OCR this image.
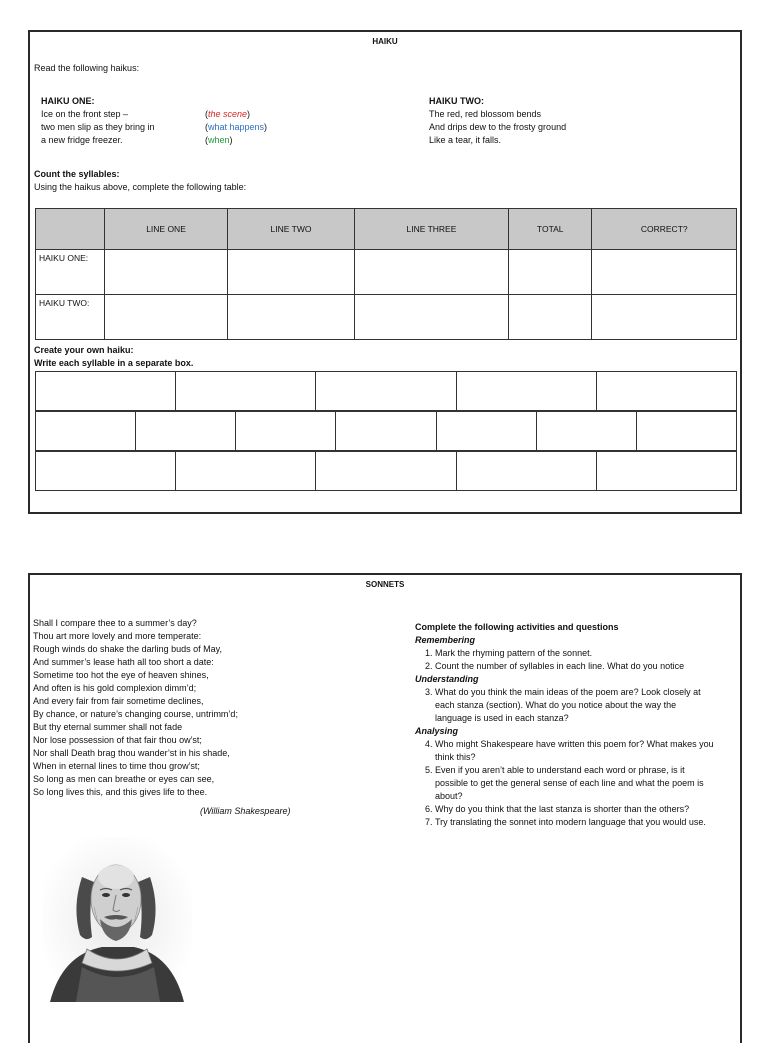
HAIKU
Read the following haikus:
HAIKU ONE:
Ice on the front step –
two men slip as they bring in
a new fridge freezer.
(the scene)
(what happens)
(when)
HAIKU TWO:
The red, red blossom bends
And drips dew to the frosty ground
Like a tear, it falls.
Count the syllables:
Using the haikus above, complete the following table:
	LINE ONE	LINE TWO	LINE THREE	TOTAL	CORRECT?
HAIKU ONE:					
HAIKU TWO:					
Create your own haiku:
Write each syllable in a separate box.
SONNETS
Shall I compare thee to a summer’s day?
Thou art more lovely and more temperate:
Rough winds do shake the darling buds of May,
And summer’s lease hath all too short a date:
Sometime too hot the eye of heaven shines,
And often is his gold complexion dimm’d;
And every fair from fair sometime declines,
By chance, or nature’s changing course, untrimm’d;
But thy eternal summer shall not fade
Nor lose possession of that fair thou ow’st;
Nor shall Death brag thou wander’st in his shade,
When in eternal lines to time thou grow’st;
So long as men can breathe or eyes can see,
So long lives this, and this gives life to thee.
(William Shakespeare)
Complete the following activities and questions
Remembering
1. Mark the rhyming pattern of the sonnet.
2. Count the number of syllables in each line. What do you notice
Understanding
3. What do you think the main ideas of the poem are? Look closely at each stanza (section). What do you notice about the way the language is used in each stanza?
Analysing
4. Who might Shakespeare have written this poem for? What makes you think this?
5. Even if you aren’t able to understand each word or phrase, is it possible to get the general sense of each line and what the poem is about?
6. Why do you think that the last stanza is shorter than the others?
7. Try translating the sonnet into modern language that you would use.
